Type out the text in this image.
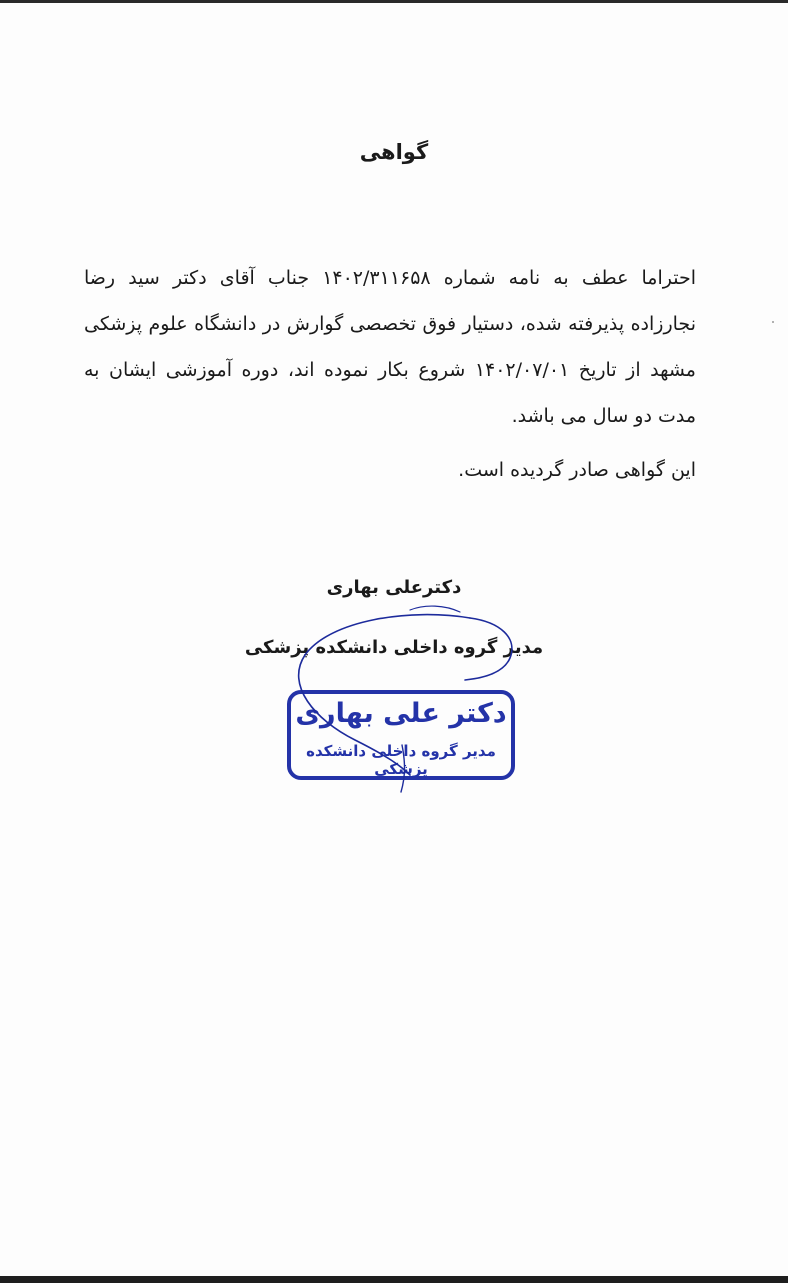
گواهی
احتراما عطف به نامه شماره ۱۴۰۲/۳۱۱۶۵۸ جناب آقای دکتر سید رضا نجارزاده پذیرفته شده، دستیار فوق تخصصی گوارش در دانشگاه علوم پزشکی مشهد از تاریخ ۱۴۰۲/۰۷/۰۱ شروع بکار نموده اند، دوره آموزشی ایشان به مدت دو سال می باشد.
این گواهی صادر گردیده است.
دکترعلی بهاری
مدیر گروه داخلی دانشکده پزشکی
دکتر علی بهاری
مدیر گروه داخلی دانشکده پزشکی
